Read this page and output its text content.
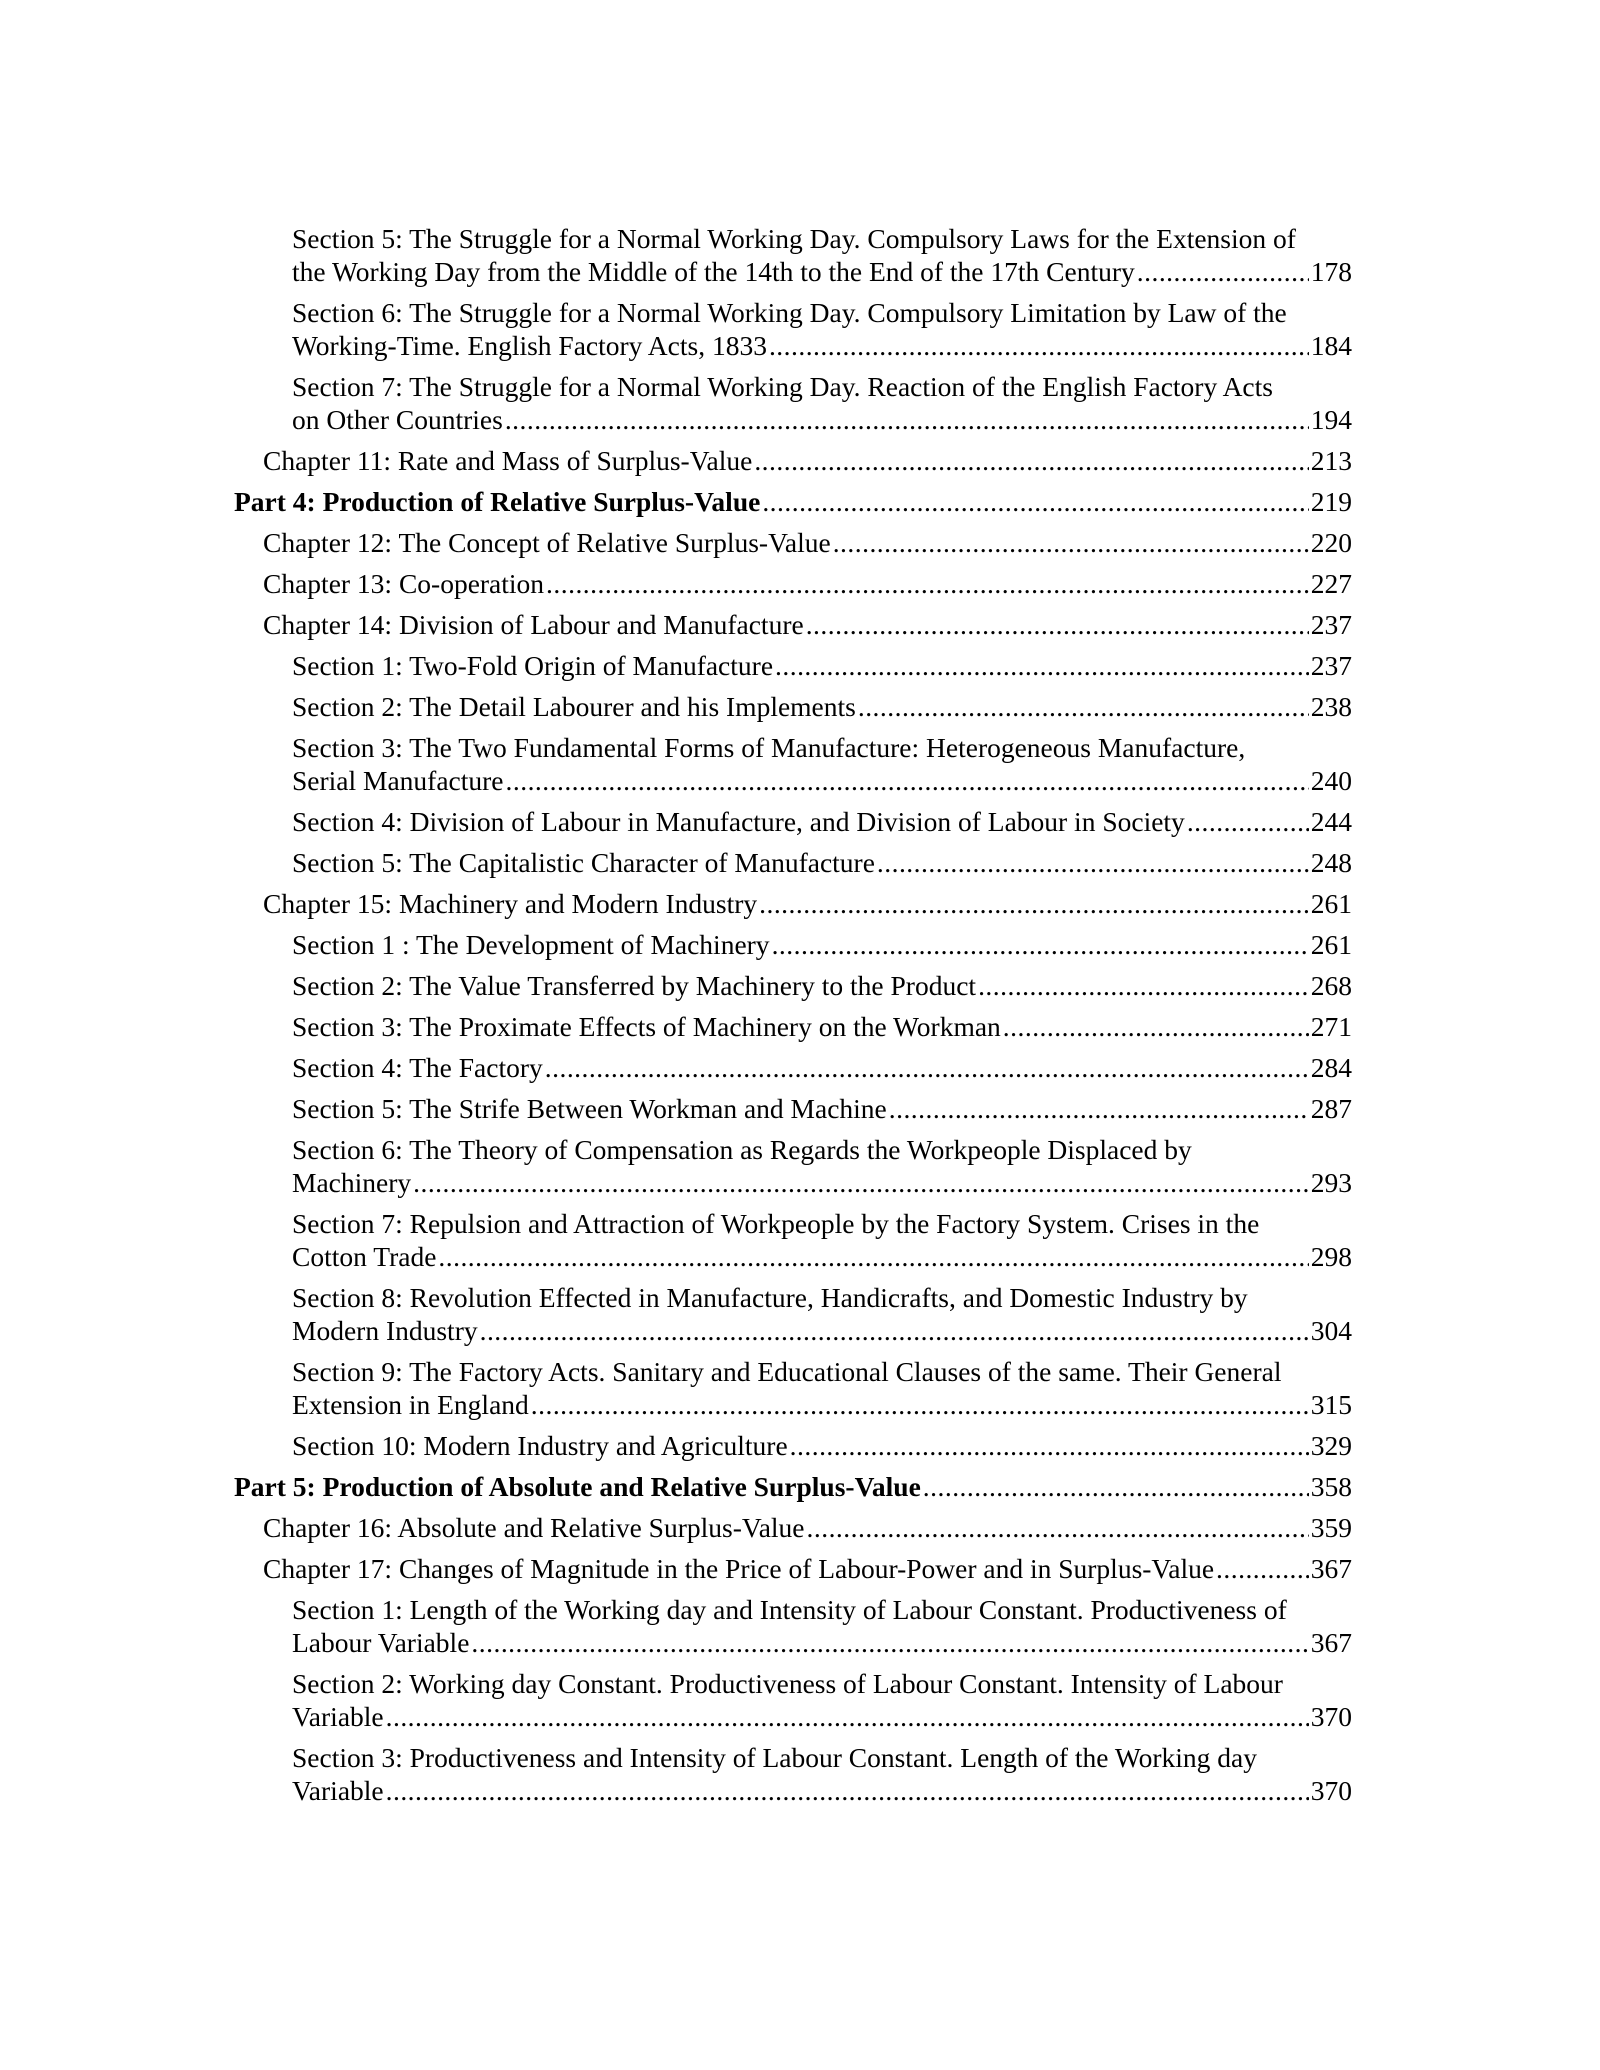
Section 5: The Struggle for a Normal Working Day. Compulsory Laws for the Extension of
the Working Day from the Middle of the 14th to the End of the 17th Century . . .	178
Section 6: The Struggle for a Normal Working Day. Compulsory Limitation by Law of the
Working-Time. English Factory Acts, 1833 . . .	184
Section 7: The Struggle for a Normal Working Day. Reaction of the English Factory Acts
on Other Countries . . .	194
Chapter 11: Rate and Mass of Surplus-Value . . .	213
Part 4: Production of Relative Surplus-Value . . .	219
Chapter 12: The Concept of Relative Surplus-Value . . .	220
Chapter 13: Co-operation . . .	227
Chapter 14: Division of Labour and Manufacture . . .	237
Section 1: Two-Fold Origin of Manufacture . . .	237
Section 2: The Detail Labourer and his Implements . . .	238
Section 3: The Two Fundamental Forms of Manufacture: Heterogeneous Manufacture,
Serial Manufacture . . .	240
Section 4: Division of Labour in Manufacture, and Division of Labour in Society . . .	244
Section 5: The Capitalistic Character of Manufacture . . .	248
Chapter 15: Machinery and Modern Industry . . .	261
Section 1 : The Development of Machinery . . .	261
Section 2: The Value Transferred by Machinery to the Product . . .	268
Section 3: The Proximate Effects of Machinery on the Workman . . .	271
Section 4: The Factory . . .	284
Section 5: The Strife Between Workman and Machine . . .	287
Section 6: The Theory of Compensation as Regards the Workpeople Displaced by
Machinery . . .	293
Section 7: Repulsion and Attraction of Workpeople by the Factory System. Crises in the
Cotton Trade . . .	298
Section 8: Revolution Effected in Manufacture, Handicrafts, and Domestic Industry by
Modern Industry . . .	304
Section 9: The Factory Acts. Sanitary and Educational Clauses of the same. Their General
Extension in England . . .	315
Section 10: Modern Industry and Agriculture . . .	329
Part 5: Production of Absolute and Relative Surplus-Value . . .	358
Chapter 16: Absolute and Relative Surplus-Value . . .	359
Chapter 17: Changes of Magnitude in the Price of Labour-Power and in Surplus-Value . . .	367
Section 1: Length of the Working day and Intensity of Labour Constant. Productiveness of
Labour Variable . . .	367
Section 2: Working day Constant. Productiveness of Labour Constant. Intensity of Labour
Variable . . .	370
Section 3: Productiveness and Intensity of Labour Constant. Length of the Working day
Variable . . .	370
